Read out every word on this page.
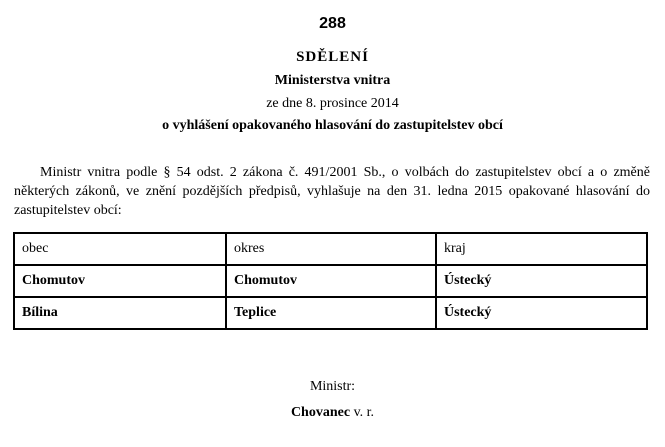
288
SDĚLENÍ
Ministerstva vnitra
ze dne 8. prosince 2014
o vyhlášení opakovaného hlasování do zastupitelstev obcí

Ministr vnitra podle § 54 odst. 2 zákona č. 491/2001 Sb., o volbách do zastupitelstev obcí a o změně některých zákonů, ve znění pozdějších předpisů, vyhlašuje na den 31. ledna 2015 opakované hlasování do zastupitelstev obcí:

obec	okres	kraj
Chomutov	Chomutov	Ústecký
Bílina	Teplice	Ústecký
Ministr:
Chovanec v. r.
